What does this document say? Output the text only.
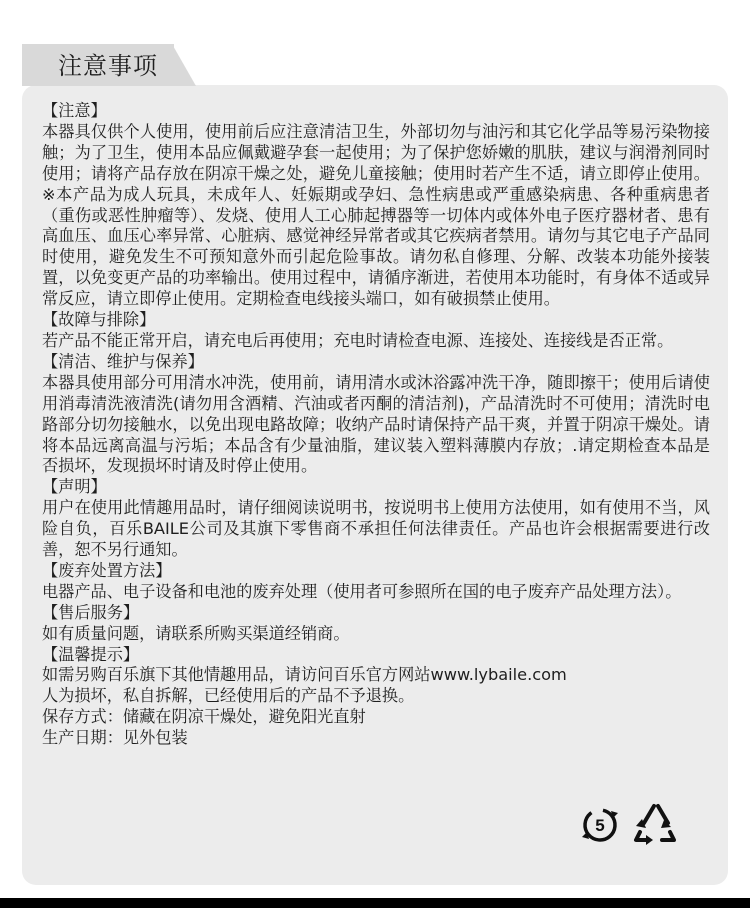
注意事项
【注意】
本器具仅供个人使用，使用前后应注意清洁卫生，外部切勿与油污和其它化学品等易污染物接触；为了卫生，使用本品应佩戴避孕套一起使用；为了保护您娇嫩的肌肤，建议与润滑剂同时使用；请将产品存放在阴凉干燥之处，避免儿童接触；使用时若产生不适，请立即停止使用。※本产品为成人玩具，未成年人、妊娠期或孕妇、急性病患或严重感染病患、各种重病患者（重伤或恶性肿瘤等）、发烧、使用人工心肺起搏器等一切体内或体外电子医疗器材者、患有高血压、血压心率异常、心脏病、感觉神经异常者或其它疾病者禁用。请勿与其它电子产品同时使用，避免发生不可预知意外而引起危险事故。请勿私自修理、分解、改装本功能外接装置，以免变更产品的功率输出。使用过程中，请循序渐进，若使用本功能时，有身体不适或异常反应，请立即停止使用。定期检查电线接头端口，如有破损禁止使用。
【故障与排除】
若产品不能正常开启，请充电后再使用；充电时请检查电源、连接处、连接线是否正常。
【清洁、维护与保养】
本器具使用部分可用清水冲洗，使用前，请用清水或沐浴露冲洗干净，随即擦干；使用后请使用消毒清洗液清洗(请勿用含酒精、汽油或者丙酮的清洁剂)，产品清洗时不可使用；清洗时电路部分切勿接触水，以免出现电路故障；收纳产品时请保持产品干爽，并置于阴凉干燥处。请将本品远离高温与污垢；本品含有少量油脂，建议装入塑料薄膜内存放；.请定期检查本品是否损坏，发现损坏时请及时停止使用。
【声明】
用户在使用此情趣用品时，请仔细阅读说明书，按说明书上使用方法使用，如有使用不当，风险自负，百乐BAILE公司及其旗下零售商不承担任何法律责任。产品也许会根据需要进行改善，恕不另行通知。
【废弃处置方法】
电器产品、电子设备和电池的废弃处理（使用者可参照所在国的电子废弃产品处理方法）。
【售后服务】
如有质量问题，请联系所购买渠道经销商。
【温馨提示】
如需另购百乐旗下其他情趣用品，请访问百乐官方网站www.lybaile.com
人为损坏，私自拆解，已经使用后的产品不予退换。
保存方式：储藏在阴凉干燥处，避免阳光直射
生产日期：见外包装
5
